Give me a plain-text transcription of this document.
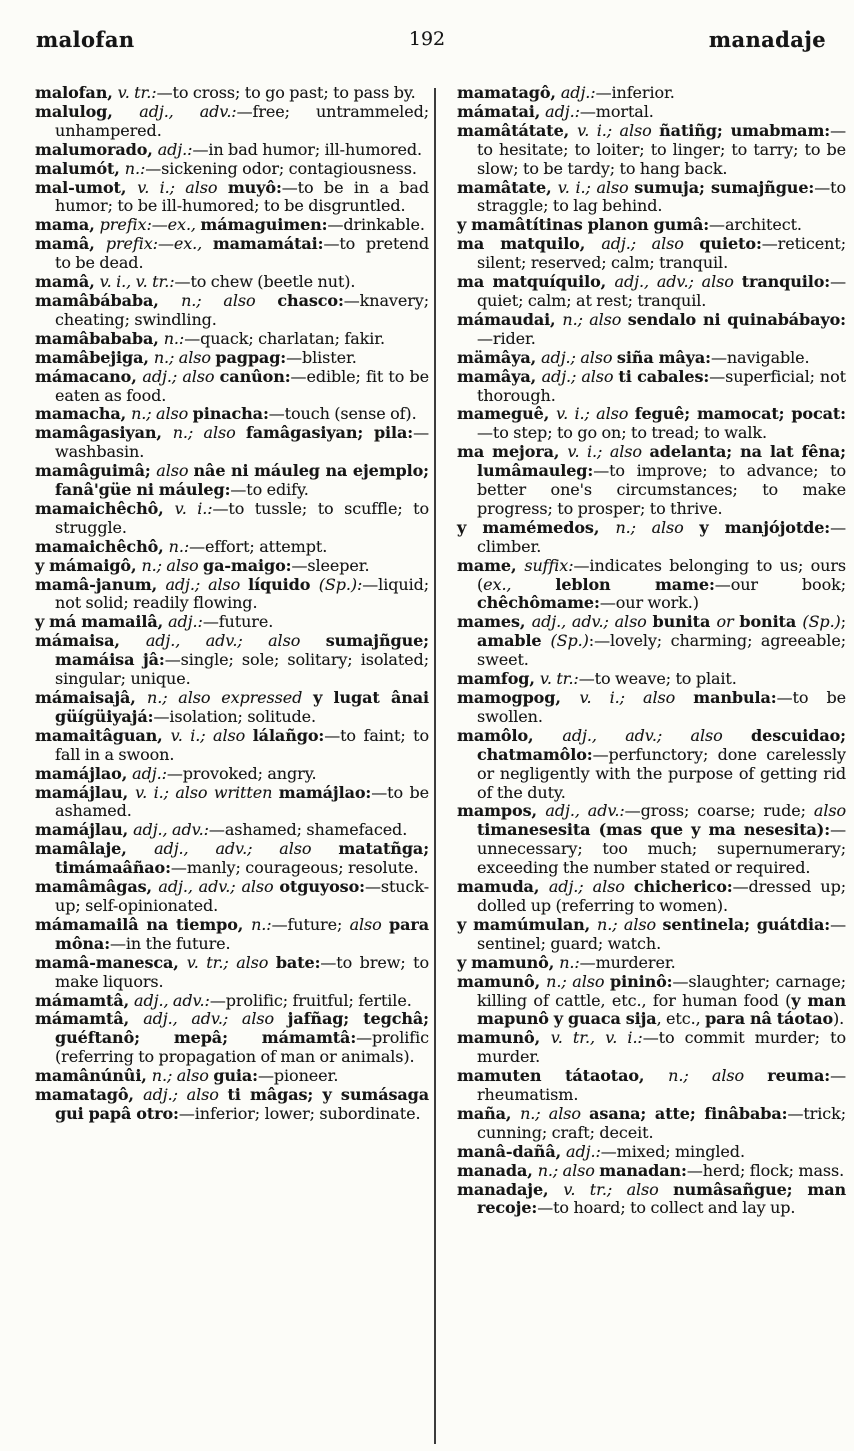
malofan	192	manadaje

malofan, v. tr.:—to cross; to go past; to pass by.

malulog, adj., adv.:—free; untrammeled; unhampered.

malumorado, adj.:—in bad humor; ill-humored.

malumót, n.:—sickening odor; contagiousness.

mal-umot, v. i.; also muyô:—to be in a bad humor; to be ill-humored; to be disgruntled.

mama, prefix:—ex., mámaguimen:—drinkable.

mamâ, prefix:—ex., mamamátai:—to pretend to be dead.

mamâ, v. i., v. tr.:—to chew (beetle nut).

mamâbábaba, n.; also chasco:—knavery; cheating; swindling.

mamâbababa, n.:—quack; charlatan; fakir.

mamâbejiga, n.; also pagpag:—blister.

mámacano, adj.; also canûon:—edible; fit to be eaten as food.

mamacha, n.; also pinacha:—touch (sense of).

mamâgasiyan, n.; also famâgasiyan; pila:—washbasin.

mamâguimâ; also nâe ni máuleg na ejemplo; fanâ'güe ni máuleg:—to edify.

mamaichêchô, v. i.:—to tussle; to scuffle; to struggle.

mamaichêchô, n.:—effort; attempt.

y mámaigô, n.; also ga-maigo:—sleeper.

mamâ-janum, adj.; also líquido (Sp.):—liquid; not solid; readily flowing.

y má mamailâ, adj.:—future.

mámaisa, adj., adv.; also sumajñgue; mamáisa jâ:—single; sole; solitary; isolated; singular; unique.

mámaisajâ, n.; also expressed y lugat ânai güígüiyajá:—isolation; solitude.

mamaitâguan, v. i.; also lálañgo:—to faint; to fall in a swoon.

mamájlao, adj.:—provoked; angry.

mamájlau, v. i.; also written mamájlao:—to be ashamed.

mamájlau, adj., adv.:—ashamed; shamefaced.

mamâlaje, adj., adv.; also matatñga; timámaâñao:—manly; courageous; resolute.

mamâmâgas, adj., adv.; also otguyoso:—stuck-up; self-opinionated.

mámamailâ na tiempo, n.:—future; also para môna:—in the future.

mamâ-manesca, v. tr.; also bate:—to brew; to make liquors.

mámamtâ, adj., adv.:—prolific; fruitful; fertile.

mámamtâ, adj., adv.; also jafñag; tegchâ; guéftanô; mepâ; mámamtâ:—prolific (referring to propagation of man or animals).

mamânúnûi, n.; also guia:—pioneer.

mamatagô, adj.; also ti mâgas; y sumásaga gui papâ otro:—inferior; lower; subordinate.

mamatagô, adj.:—inferior.

mámatai, adj.:—mortal.

mamâtátate, v. i.; also ñatiñg; umabmam:—to hesitate; to loiter; to linger; to tarry; to be slow; to be tardy; to hang back.

mamâtate, v. i.; also sumuja; sumajñgue:—to straggle; to lag behind.

y mamâtítinas planon gumâ:—architect.

ma matquilo, adj.; also quieto:—reticent; silent; reserved; calm; tranquil.

ma matquíquilo, adj., adv.; also tranquilo:—quiet; calm; at rest; tranquil.

mámaudai, n.; also sendalo ni quinabábayo:—rider.

mämâya, adj.; also siña mâya:—navigable.

mamâya, adj.; also ti cabales:—superficial; not thorough.

mameguê, v. i.; also feguê; mamocat; pocat:—to step; to go on; to tread; to walk.

ma mejora, v. i.; also adelanta; na lat fêna; lumâmauleg:—to improve; to advance; to better one's circumstances; to make progress; to prosper; to thrive.

y mamémedos, n.; also y manjójotde:—climber.

mame, suffix:—indicates belonging to us; ours (ex., leblon mame:—our book; chêchômame:—our work.)

mames, adj., adv.; also bunita or bonita (Sp.); amable (Sp.):—lovely; charming; agreeable; sweet.

mamfog, v. tr.:—to weave; to plait.

mamogpog, v. i.; also manbula:—to be swollen.

mamôlo, adj., adv.; also descuidao; chatmamôlo:—perfunctory; done carelessly or negligently with the purpose of getting rid of the duty.

mampos, adj., adv.:—gross; coarse; rude; also timanesesita (mas que y ma nesesita):—unnecessary; too much; supernumerary; exceeding the number stated or required.

mamuda, adj.; also chicherico:—dressed up; dolled up (referring to women).

y mamúmulan, n.; also sentinela; guátdia:—sentinel; guard; watch.

y mamunô, n.:—murderer.

mamunô, n.; also pininô:—slaughter; carnage; killing of cattle, etc., for human food (y man mapunô y guaca sija, etc., para nâ táotao).

mamunô, v. tr., v. i.:—to commit murder; to murder.

mamuten tátaotao, n.; also reuma:—rheumatism.

maña, n.; also asana; atte; finâbaba:—trick; cunning; craft; deceit.

manâ-dañâ, adj.:—mixed; mingled.

manada, n.; also manadan:—herd; flock; mass.

manadaje, v. tr.; also numâsañgue; man recoje:—to hoard; to collect and lay up.
